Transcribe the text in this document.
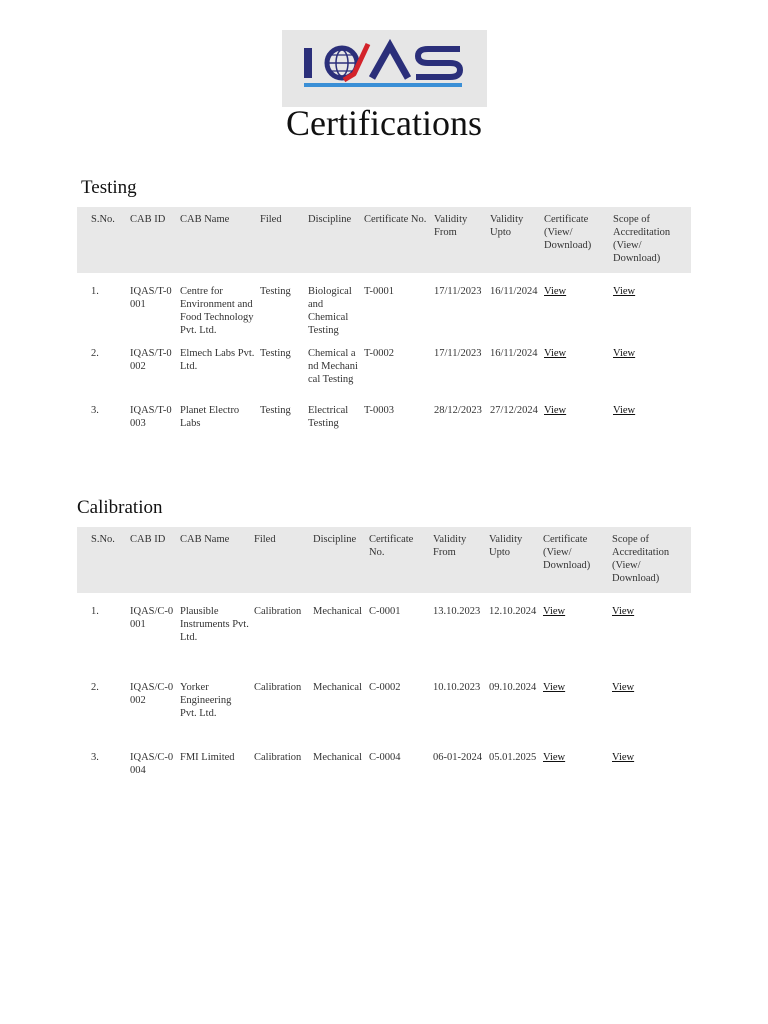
Certifications
Testing
S.No.	CAB ID	CAB Name	Filed	Discipline	Certificate No.	Validity From	Validity Upto	Certificate (View/ Download)	Scope of Accreditation (View/ Download)

1.	IQAS/T-0001	Centre for Environment and Food Technology Pvt. Ltd.	Testing	Biological and Chemical Testing	T-0001	17/11/2023	16/11/2024	View	View

2.	IQAS/T-0002	Elmech Labs Pvt. Ltd.	Testing	Chemical and Mechanical Testing	T-0002	17/11/2023	16/11/2024	View	View

3.	IQAS/T-0003	Planet Electro Labs	Testing	Electrical Testing	T-0003	28/12/2023	27/12/2024	View	View
Calibration
S.No.	CAB ID	CAB Name	Filed	Discipline	Certificate No.	Validity From	Validity Upto	Certificate (View/ Download)	Scope of Accreditation (View/ Download)

1.	IQAS/C-0001	Plausible Instruments Pvt. Ltd.	Calibration	Mechanical	C-0001	13.10.2023	12.10.2024	View	View

2.	IQAS/C-0002	Yorker Engineering Pvt. Ltd.	Calibration	Mechanical	C-0002	10.10.2023	09.10.2024	View	View

3.	IQAS/C-0004	FMI Limited	Calibration	Mechanical	C-0004	06-01-2024	05.01.2025	View	View
